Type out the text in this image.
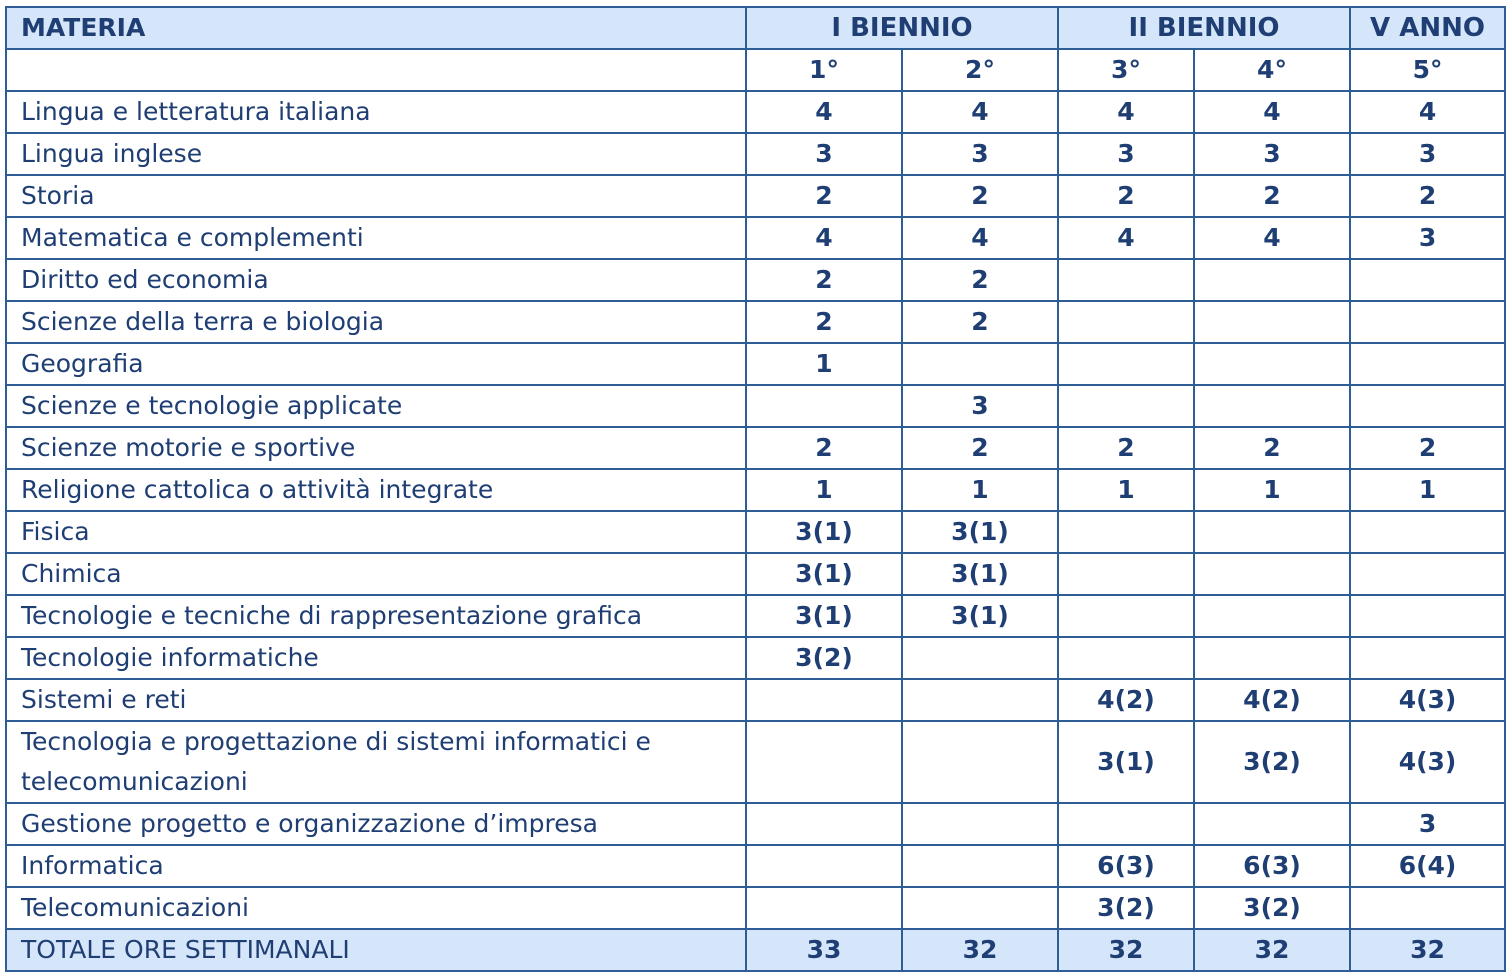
MATERIA	I BIENNIO		II BIENNIO		V ANNO
	1°	2°	3°	4°	5°
Lingua e letteratura italiana	4	4	4	4	4
Lingua inglese	3	3	3	3	3
Storia	2	2	2	2	2
Matematica e complementi	4	4	4	4	3
Diritto ed economia	2	2			
Scienze della terra e biologia	2	2			
Geografia	1				
Scienze e tecnologie applicate		3			
Scienze motorie e sportive	2	2	2	2	2
Religione cattolica o attività integrate	1	1	1	1	1
Fisica	3(1)	3(1)			
Chimica	3(1)	3(1)			
Tecnologie e tecniche di rappresentazione grafica	3(1)	3(1)			
Tecnologie informatiche	3(2)				
Sistemi e reti			4(2)	4(2)	4(3)
Tecnologia e progettazione di sistemi informatici e telecomunicazioni			3(1)	3(2)	4(3)
Gestione progetto e organizzazione d’impresa					3
Informatica			6(3)	6(3)	6(4)
Telecomunicazioni			3(2)	3(2)	
TOTALE ORE SETTIMANALI	33	32	32	32	32
